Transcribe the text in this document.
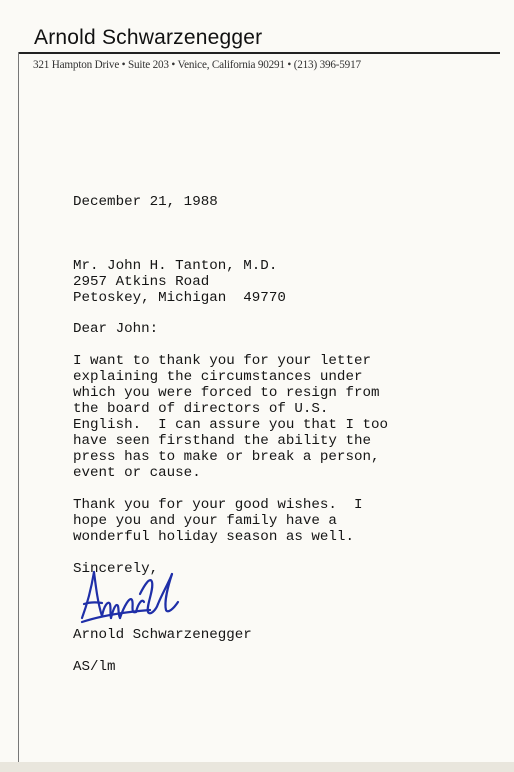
Arnold Schwarzenegger
321 Hampton Drive • Suite 203 • Venice, California 90291 • (213) 396-5917
December 21, 1988
Mr. John H. Tanton, M.D.
2957 Atkins Road
Petoskey, Michigan  49770
Dear John:
I want to thank you for your letter
explaining the circumstances under
which you were forced to resign from
the board of directors of U.S.
English.  I can assure you that I too
have seen firsthand the ability the
press has to make or break a person,
event or cause.
Thank you for your good wishes.  I
hope you and your family have a
wonderful holiday season as well.
Sincerely,
Arnold Schwarzenegger
AS/lm
